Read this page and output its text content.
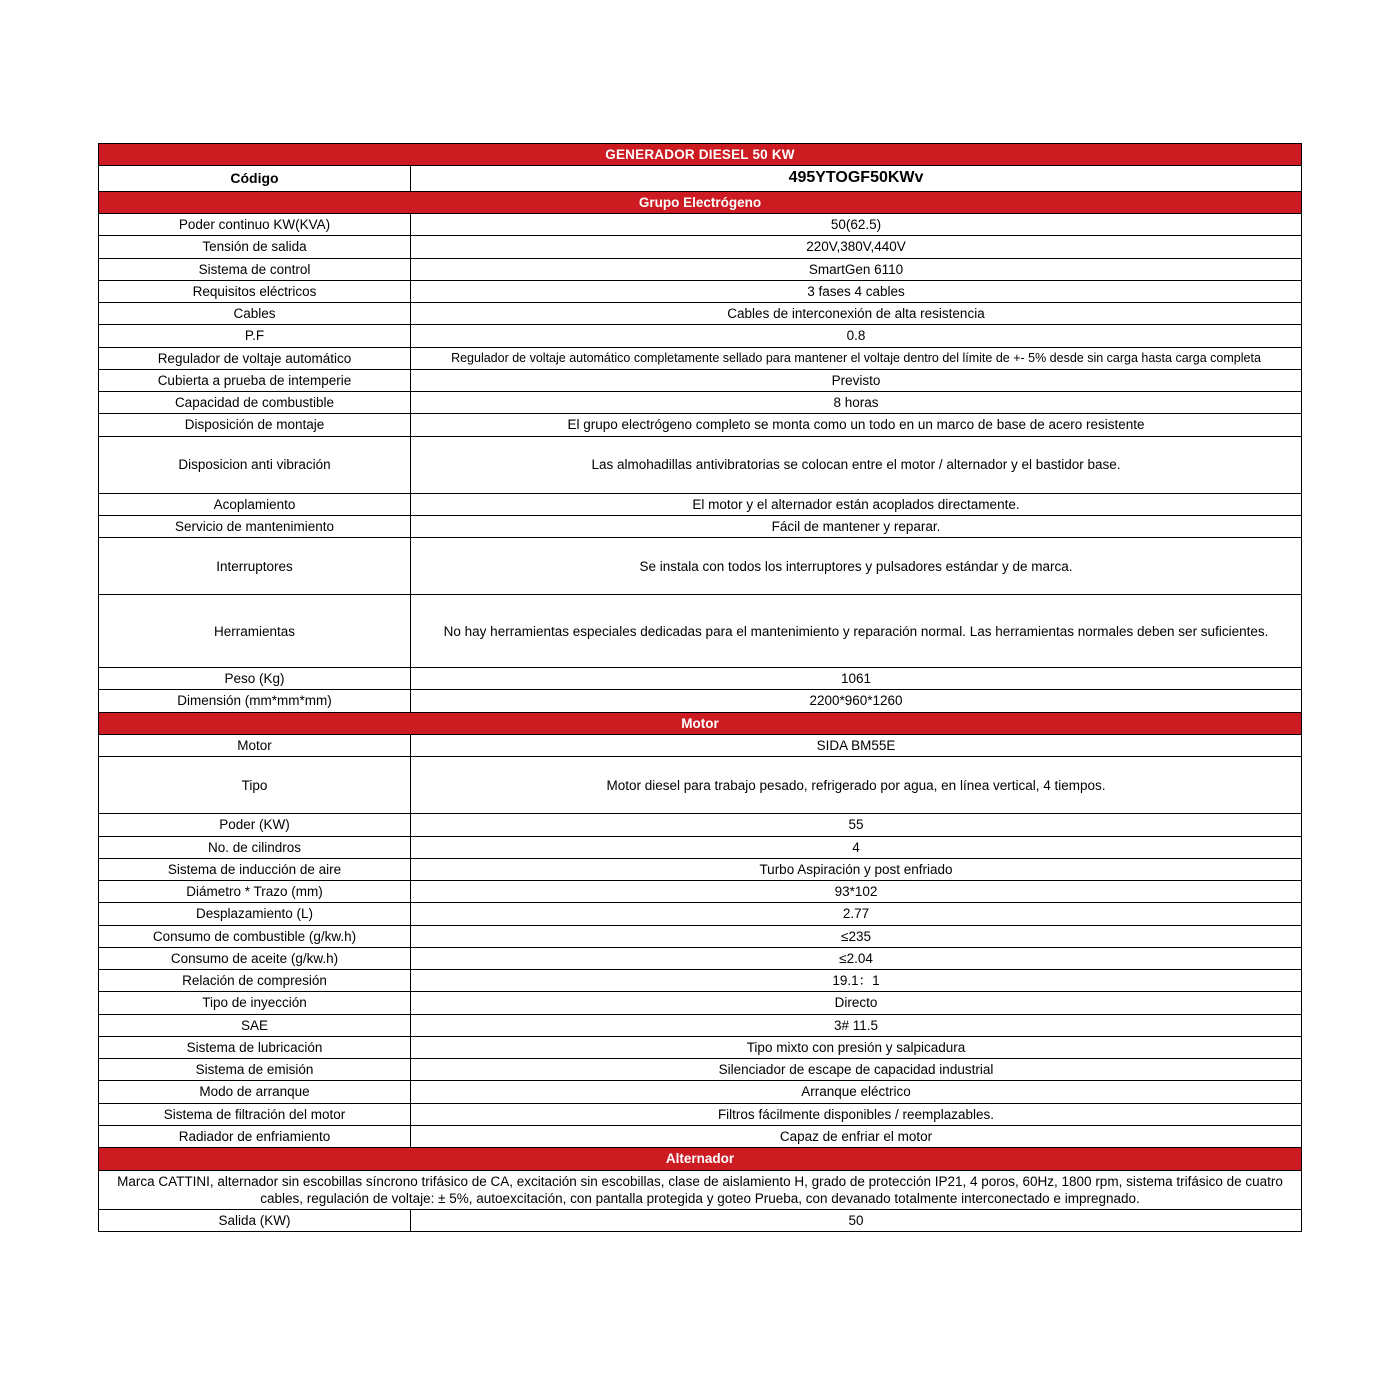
GENERADOR DIESEL 50 KW	
Código	495YTOGF50KWv
Grupo Electrógeno	
Poder continuo KW(KVA)	50(62.5)
Tensión de salida	220V,380V,440V
Sistema de control	SmartGen 6110
Requisitos eléctricos	3 fases 4 cables
Cables	Cables de interconexión de alta resistencia
P.F	0.8
Regulador de voltaje automático	Regulador de voltaje automático completamente sellado para mantener el voltaje dentro del límite de +- 5% desde sin carga hasta carga completa
Cubierta a prueba de intemperie	Previsto
Capacidad de combustible	8 horas
Disposición de montaje	El grupo electrógeno completo se monta como un todo en un marco de base de acero resistente
Disposicion anti vibración	Las almohadillas antivibratorias se colocan entre el motor / alternador y el bastidor base.
Acoplamiento	El motor y el alternador están acoplados directamente.
Servicio de mantenimiento	Fácil de mantener y reparar.
Interruptores	Se instala con todos los interruptores y pulsadores estándar y de marca.
Herramientas	No hay herramientas especiales dedicadas para el mantenimiento y reparación normal. Las herramientas normales deben ser suficientes.
Peso (Kg)	1061
Dimensión (mm*mm*mm)	2200*960*1260
Motor	
Motor	SIDA BM55E
Tipo	Motor diesel para trabajo pesado, refrigerado por agua, en línea vertical, 4 tiempos.
Poder (KW)	55
No. de cilindros	4
Sistema de inducción de aire	Turbo Aspiración y post enfriado
Diámetro * Trazo (mm)	93*102
Desplazamiento (L)	2.77
Consumo de combustible (g/kw.h)	≤235
Consumo de aceite (g/kw.h)	≤2.04
Relación de compresión	19.1：1
Tipo de inyección	Directo
SAE	3# 11.5
Sistema de lubricación	Tipo mixto con presión y salpicadura
Sistema de emisión	Silenciador de escape de capacidad industrial
Modo de arranque	Arranque eléctrico
Sistema de filtración del motor	Filtros fácilmente disponibles / reemplazables.
Radiador de enfriamiento	Capaz de enfriar el motor
Alternador	
Marca CATTINI, alternador sin escobillas síncrono trifásico de CA, excitación sin escobillas, clase de aislamiento H, grado de protección IP21, 4 poros, 60Hz, 1800 rpm, sistema trifásico de cuatro cables, regulación de voltaje: ± 5%, autoexcitación, con pantalla protegida y goteo Prueba, con devanado totalmente interconectado e impregnado.	
Salida (KW)	50
